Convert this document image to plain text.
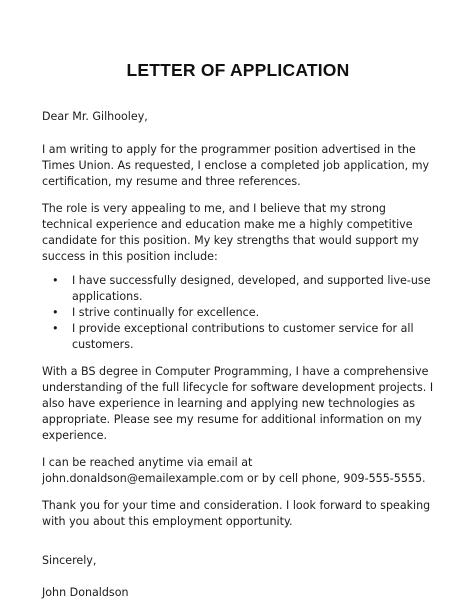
LETTER OF APPLICATION

Dear Mr. Gilhooley,

I am writing to apply for the programmer position advertised in the Times Union. As requested, I enclose a completed job application, my certification, my resume and three references.

The role is very appealing to me, and I believe that my strong technical experience and education make me a highly competitive candidate for this position. My key strengths that would support my success in this position include:

• I have successfully designed, developed, and supported live-use applications.
• I strive continually for excellence.
• I provide exceptional contributions to customer service for all customers.

With a BS degree in Computer Programming, I have a comprehensive understanding of the full lifecycle for software development projects. I also have experience in learning and applying new technologies as appropriate. Please see my resume for additional information on my experience.

I can be reached anytime via email at john.donaldson@emailexample.com or by cell phone, 909-555-5555.

Thank you for your time and consideration. I look forward to speaking with you about this employment opportunity.

Sincerely,

John Donaldson
